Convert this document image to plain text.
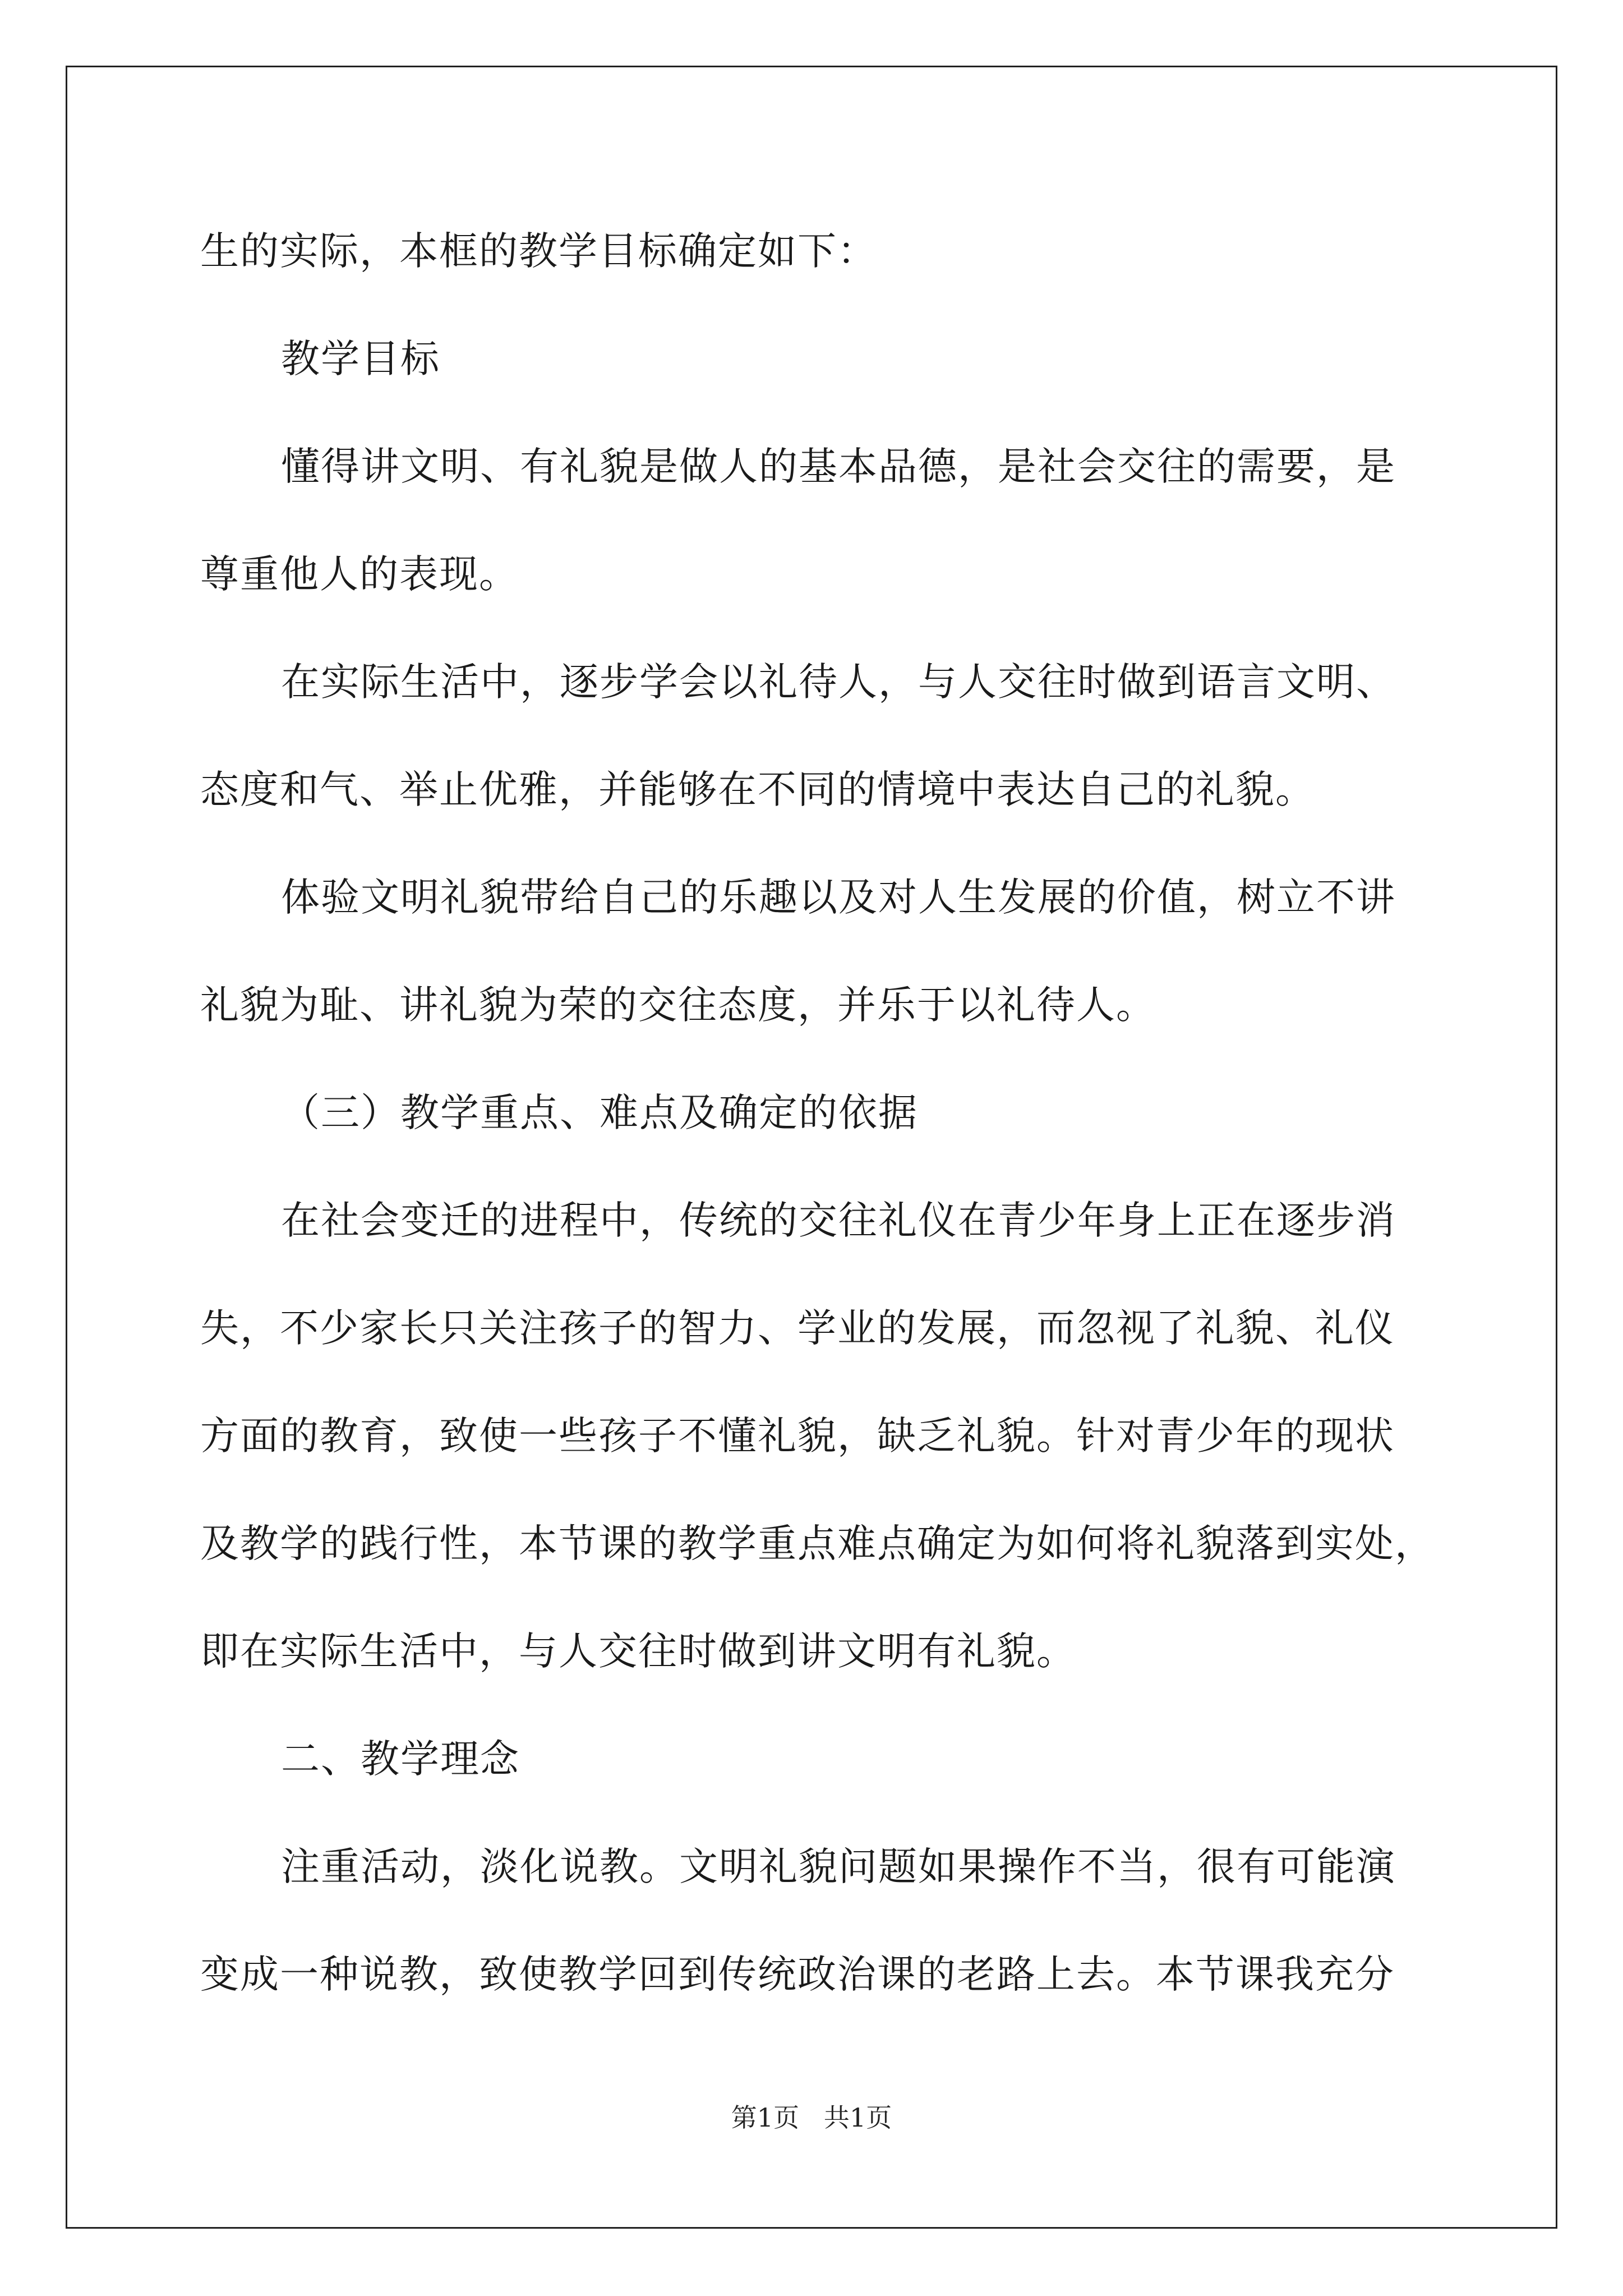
生的实际，本框的教学目标确定如下：
教学目标
懂得讲文明、有礼貌是做人的基本品德，是社会交往的需要，是
尊重他人的表现。
在实际生活中，逐步学会以礼待人，与人交往时做到语言文明、
态度和气、举止优雅，并能够在不同的情境中表达自己的礼貌。
体验文明礼貌带给自己的乐趣以及对人生发展的价值，树立不讲
礼貌为耻、讲礼貌为荣的交往态度，并乐于以礼待人。
（三）教学重点、难点及确定的依据
在社会变迁的进程中，传统的交往礼仪在青少年身上正在逐步消
失，不少家长只关注孩子的智力、学业的发展，而忽视了礼貌、礼仪
方面的教育，致使一些孩子不懂礼貌，缺乏礼貌。针对青少年的现状
及教学的践行性，本节课的教学重点难点确定为如何将礼貌落到实处，
即在实际生活中，与人交往时做到讲文明有礼貌。
二、教学理念
注重活动，淡化说教。文明礼貌问题如果操作不当，很有可能演
变成一种说教，致使教学回到传统政治课的老路上去。本节课我充分
第1页   共1页
